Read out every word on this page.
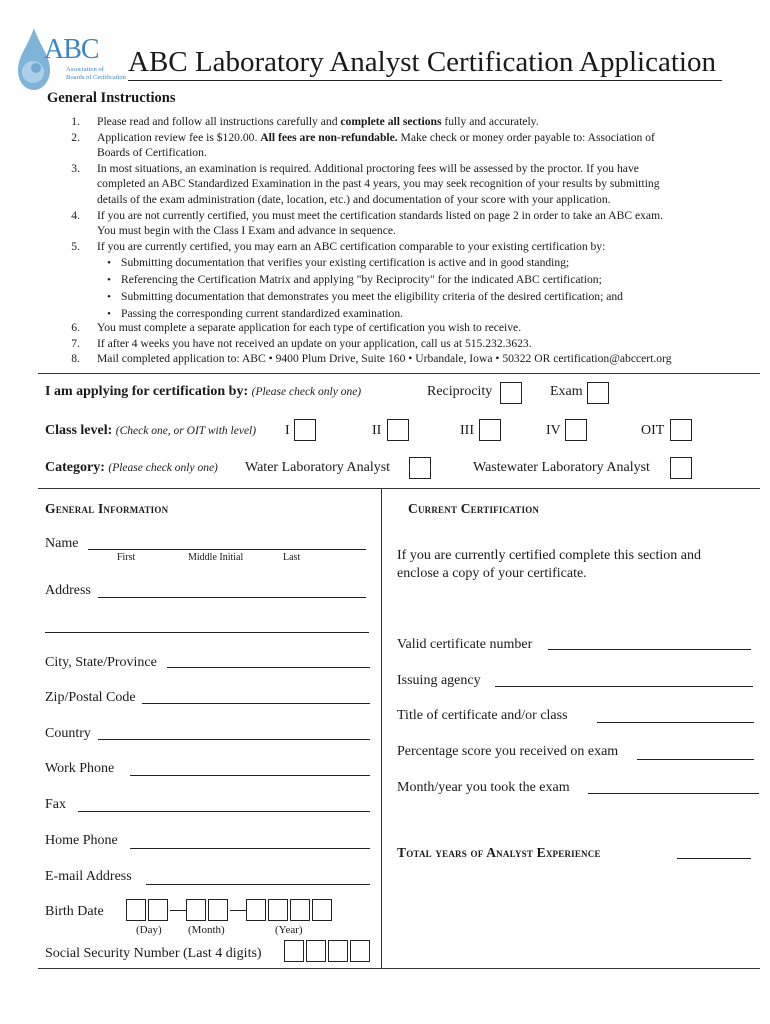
ABC
Association of
Boards of Certification ABC Laboratory Analyst Certification Application
General Instructions
1.
2.
3.
4.
5.
6.
7.
8.
Please read and follow all instructions carefully and complete all sections fully and accurately.
Application review fee is $120.00. All fees are non-refundable. Make check or money order payable to: Association of
Boards of Certification.
In most situations, an examination is required. Additional proctoring fees will be assessed by the proctor. If you have
completed an ABC Standardized Examination in the past 4 years, you may seek recognition of your results by submitting
details of the exam administration (date, location, etc.) and documentation of your score with your application.
If you are not currently certified, you must meet the certification standards listed on page 2 in order to take an ABC exam.
You must begin with the Class I Exam and advance in sequence.
If you are currently certified, you may earn an ABC certification comparable to your existing certification by:
• Submitting documentation that verifies your existing certification is active and in good standing;
• Referencing the Certification Matrix and applying "by Reciprocity" for the indicated ABC certification;
• Submitting documentation that demonstrates you meet the eligibility criteria of the desired certification; and
• Passing the corresponding current standardized examination.
You must complete a separate application for each type of certification you wish to receive.
If after 4 weeks you have not received an update on your application, call us at 515.232.3623.
Mail completed application to: ABC • 9400 Plum Drive, Suite 160 • Urbandale, Iowa • 50322 OR certification@abccert.org
I am applying for certification by: (Please check only one)	Reciprocity	Exam
Class level: (Check one, or OIT with level) I	II	III	IV	OIT
Category: (Please check only one) Water Laboratory Analyst	Wastewater Laboratory Analyst
General Information
Name
First	Middle Initial	Last
Address
City, State/Province
Zip/Postal Code
Country
Work Phone
Fax
Home Phone
E-mail Address
Birth Date
(Day) (Month)	(Year)
Social Security Number (Last 4 digits)
Current Certification
If you are currently certified complete this section and
enclose a copy of your certificate.
Valid certificate number
Issuing agency
Title of certificate and/or class
Percentage score you received on exam
Month/year you took the exam
Total years of Analyst Experience
